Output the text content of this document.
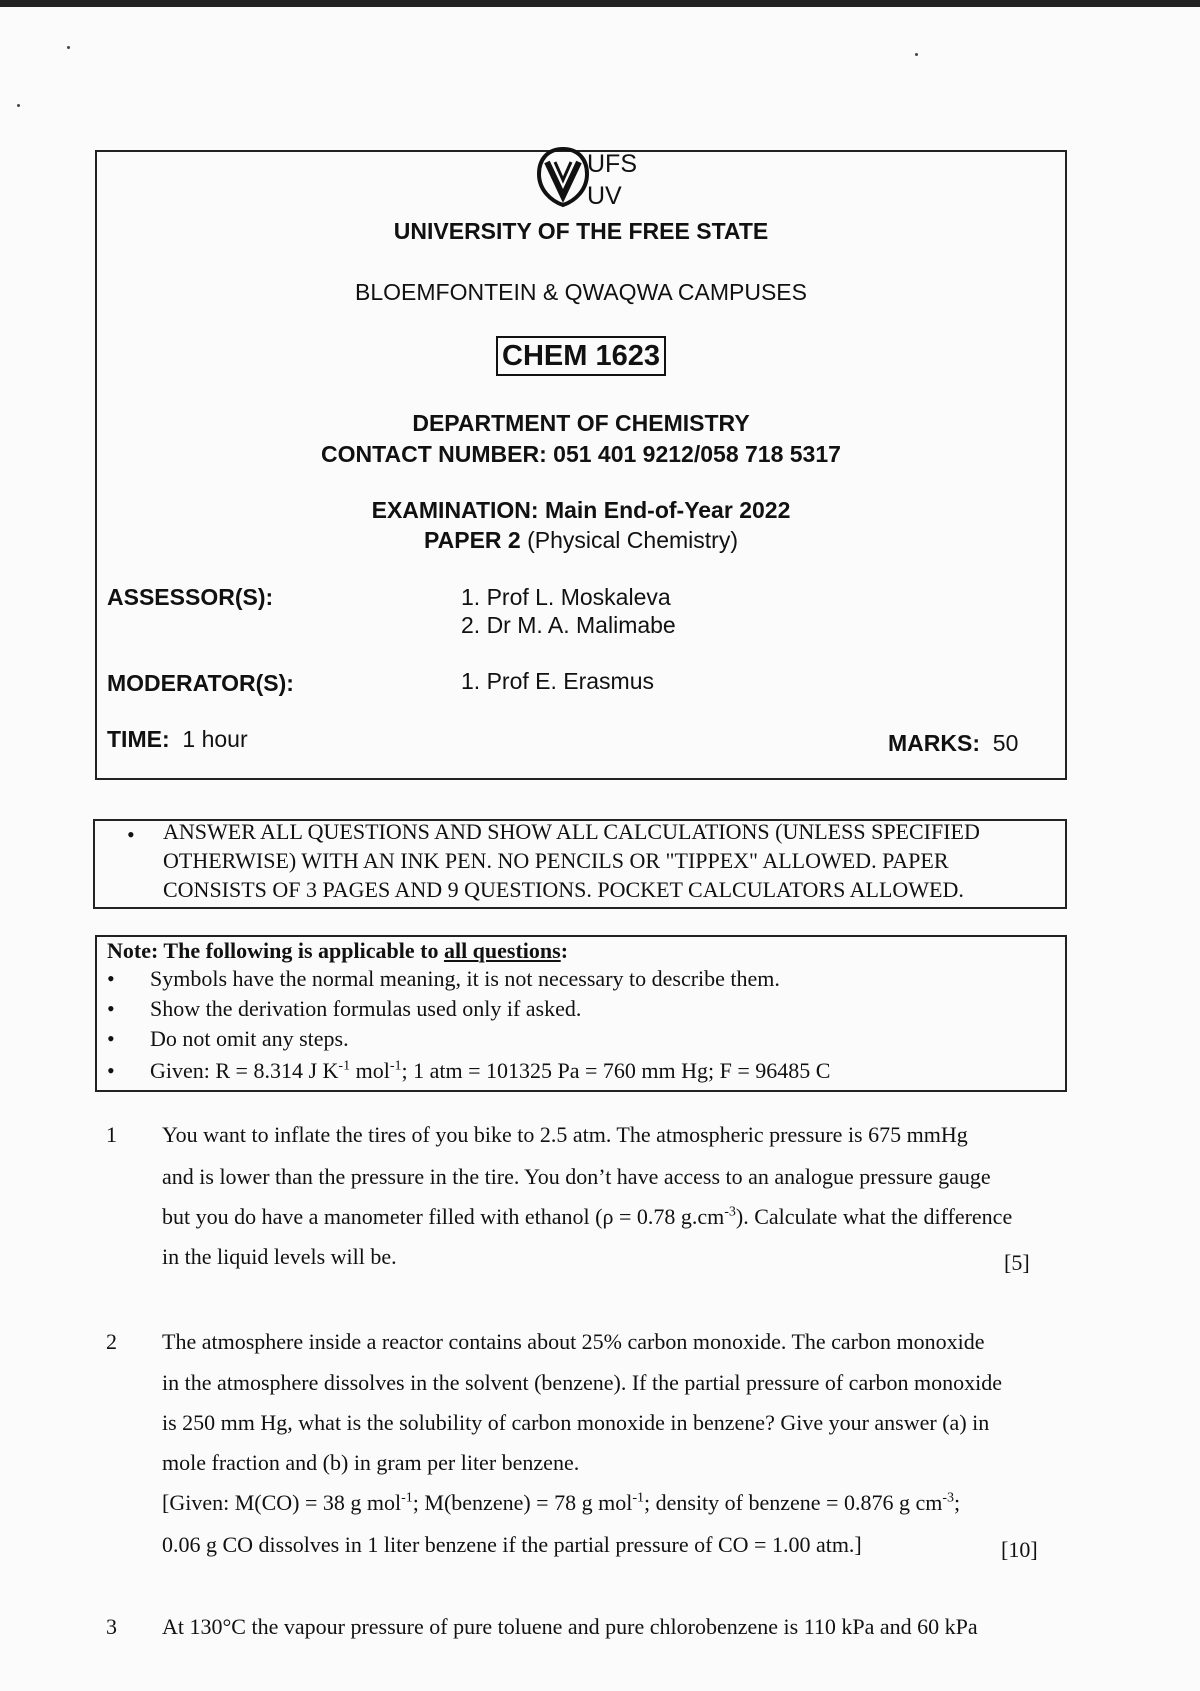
UFS
UV
UNIVERSITY OF THE FREE STATE
BLOEMFONTEIN & QWAQWA CAMPUSES
CHEM 1623
DEPARTMENT OF CHEMISTRY
CONTACT NUMBER: 051 401 9212/058 718 5317
EXAMINATION: Main End-of-Year 2022
PAPER 2 (Physical Chemistry)
ASSESSOR(S):	1. Prof L. Moskaleva
2. Dr M. A. Malimabe
MODERATOR(S):	1. Prof E. Erasmus
TIME: 1 hour	MARKS: 50
• ANSWER ALL QUESTIONS AND SHOW ALL CALCULATIONS (UNLESS SPECIFIED
OTHERWISE) WITH AN INK PEN. NO PENCILS OR "TIPPEX" ALLOWED. PAPER
CONSISTS OF 3 PAGES AND 9 QUESTIONS. POCKET CALCULATORS ALLOWED.
Note: The following is applicable to all questions:
• Symbols have the normal meaning, it is not necessary to describe them.
• Show the derivation formulas used only if asked.
• Do not omit any steps.
• Given: R = 8.314 J $K^{-1}$ mol$^{-1}$; 1 atm = 101325 Pa = 760 mm Hg; F = 96485 C
1 You want to inflate the tires of you bike to 2.5 atm. The atmospheric pressure is 675 mmHg
and is lower than the pressure in the tire. You don’t have access to an analogue pressure gauge
but you do have a manometer filled with ethanol (ρ = 0.78 $g.cm^{-3}$). Calculate what the difference
in the liquid levels will be.	[5]
2 The atmosphere inside a reactor contains about 25% carbon monoxide. The carbon monoxide
in the atmosphere dissolves in the solvent (benzene). If the partial pressure of carbon monoxide
is 250 mm Hg, what is the solubility of carbon monoxide in benzene? Give your answer (a) in
mole fraction and (b) in gram per liter benzene.
[Given: M(CO) = 38 g mol$^{-1}$; M(benzene) = 78 g mol$^{-1}$; density of benzene = 0.876 g $cm^{-3}$;
0.06 g CO dissolves in 1 liter benzene if the partial pressure of CO = 1.00 atm.]	[10]
3 At 130°C the vapour pressure of pure toluene and pure chlorobenzene is 110 kPa and 60 kPa
